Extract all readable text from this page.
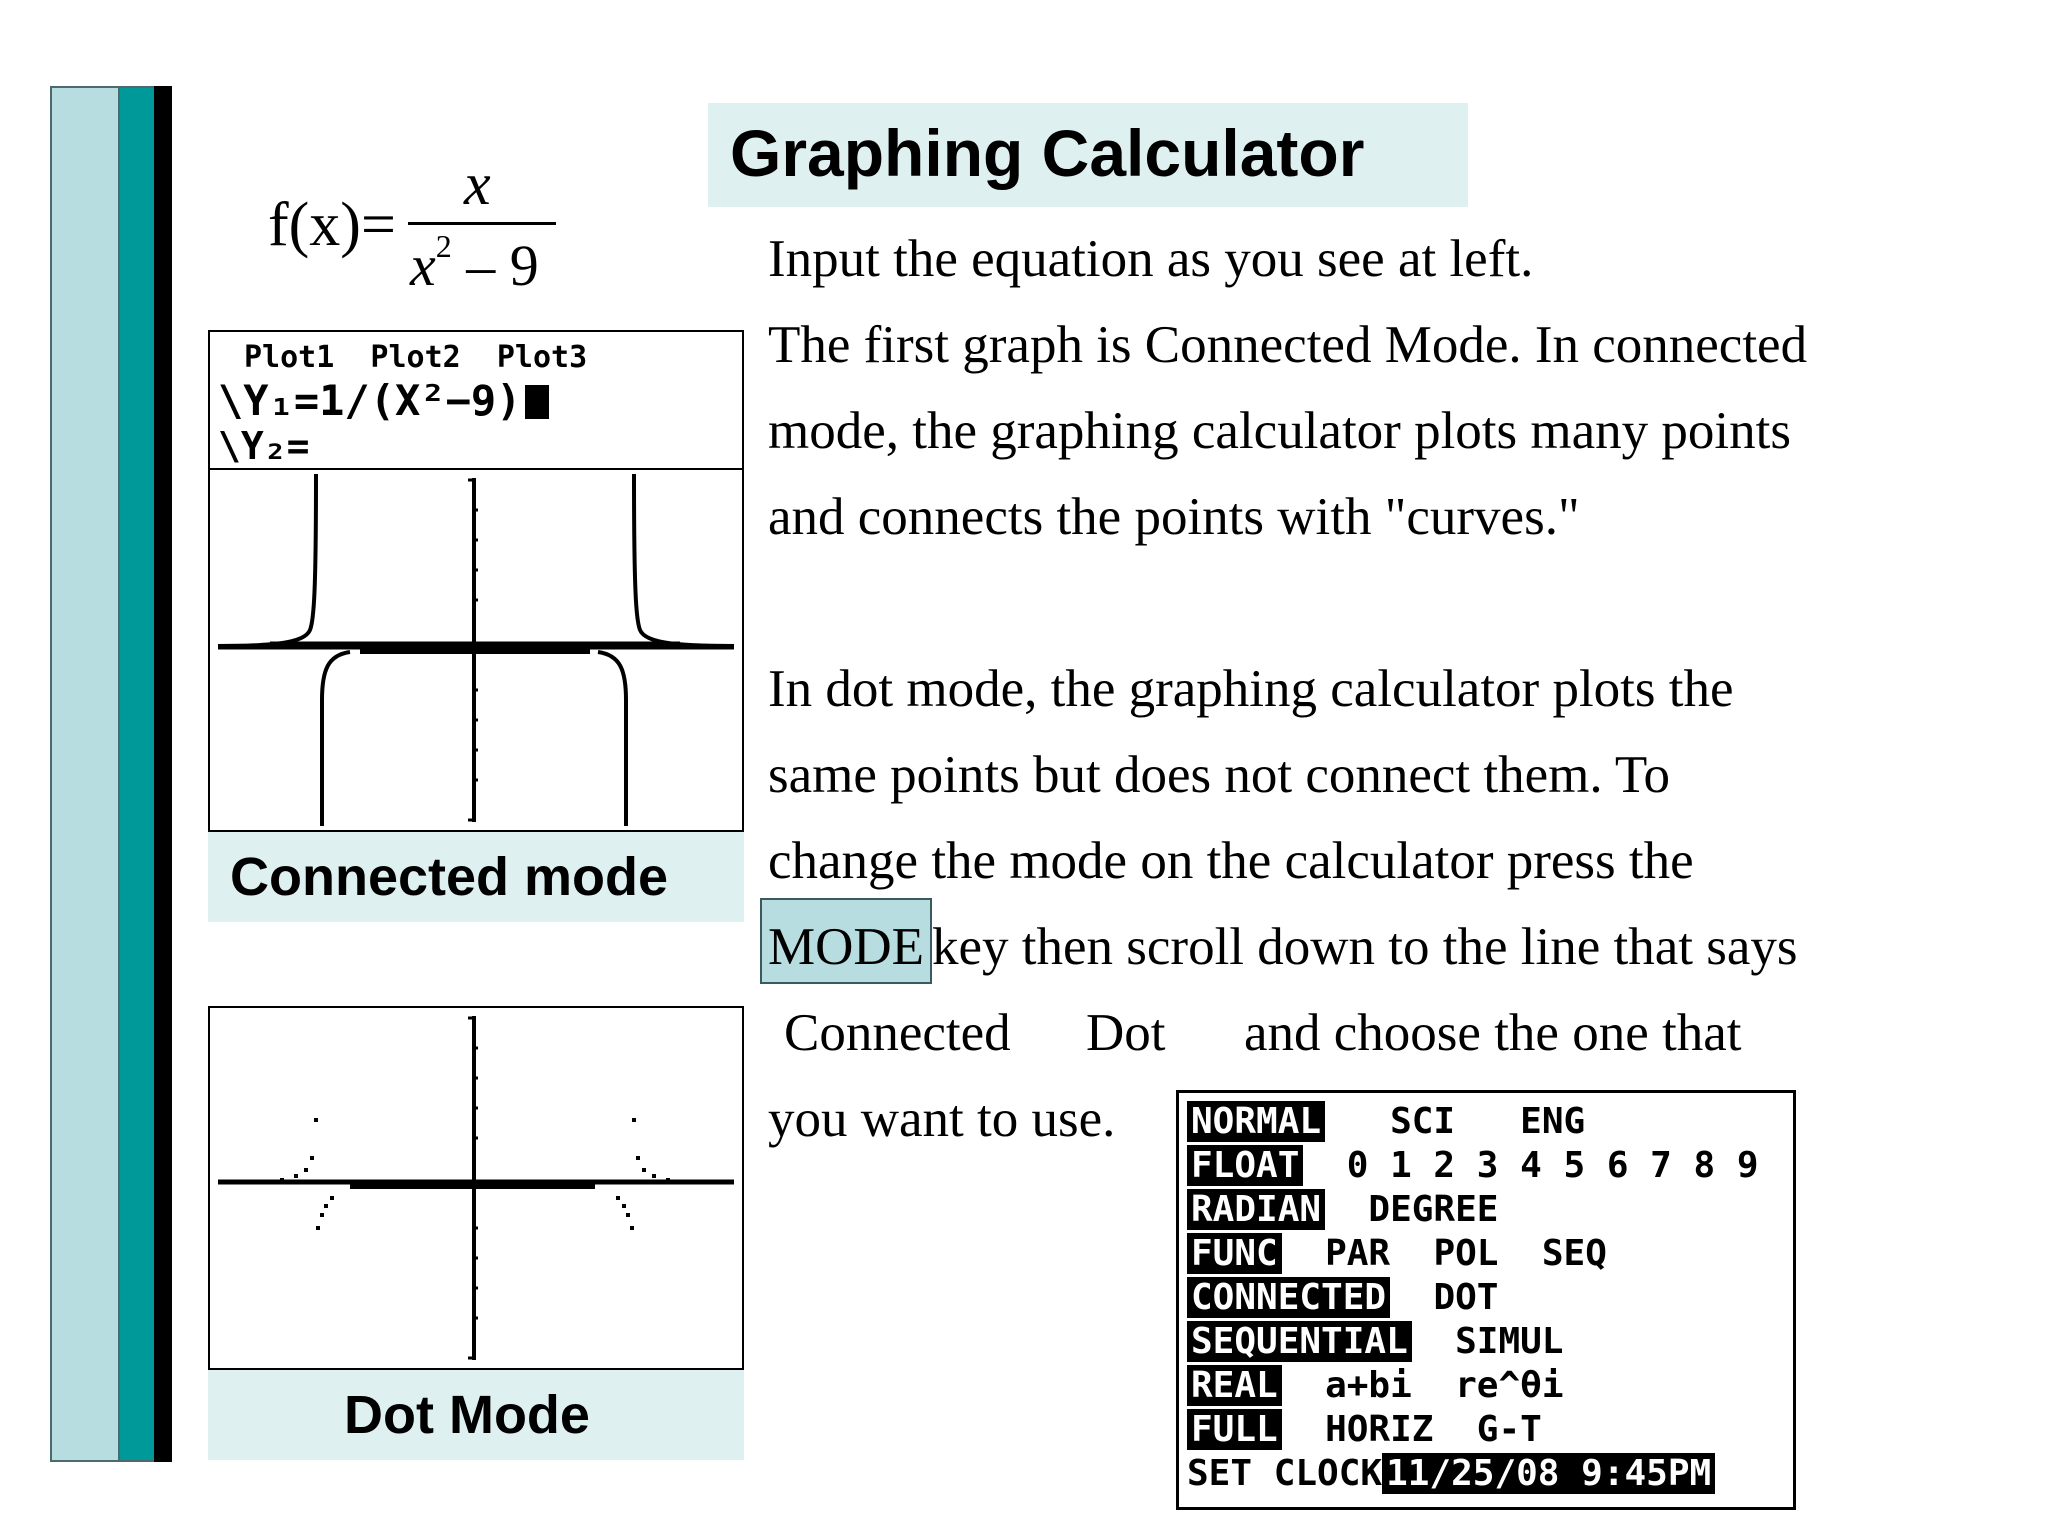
f(x)=
x
$x^2 - 9$
Graphing Calculator
Plot1  Plot2  Plot3
\Y₁=1/(X²−9)
\Y₂=
Connected mode
Dot Mode
Input the equation as you see at left.
The first graph is Connected Mode. In connected
mode, the graphing calculator plots many points
and connects the points with "curves."
In dot mode, the graphing calculator plots the
same points but does not connect them. To
change the mode on the calculator press the
MODE key then scroll down to the line that says
Connected Dot and choose the one that
you want to use. NORMAL SCI ENG
FLOAT 0 1 2 3 4 5 6 7 8 9
RADIAN DEGREE
FUNC PAR POL SEQ
CONNECTED DOT
SEQUENTIAL SIMUL
REAL a+bi re^θi
FULL HORIZ G-T
SET CLOCK 11/25/08 9:45PM
